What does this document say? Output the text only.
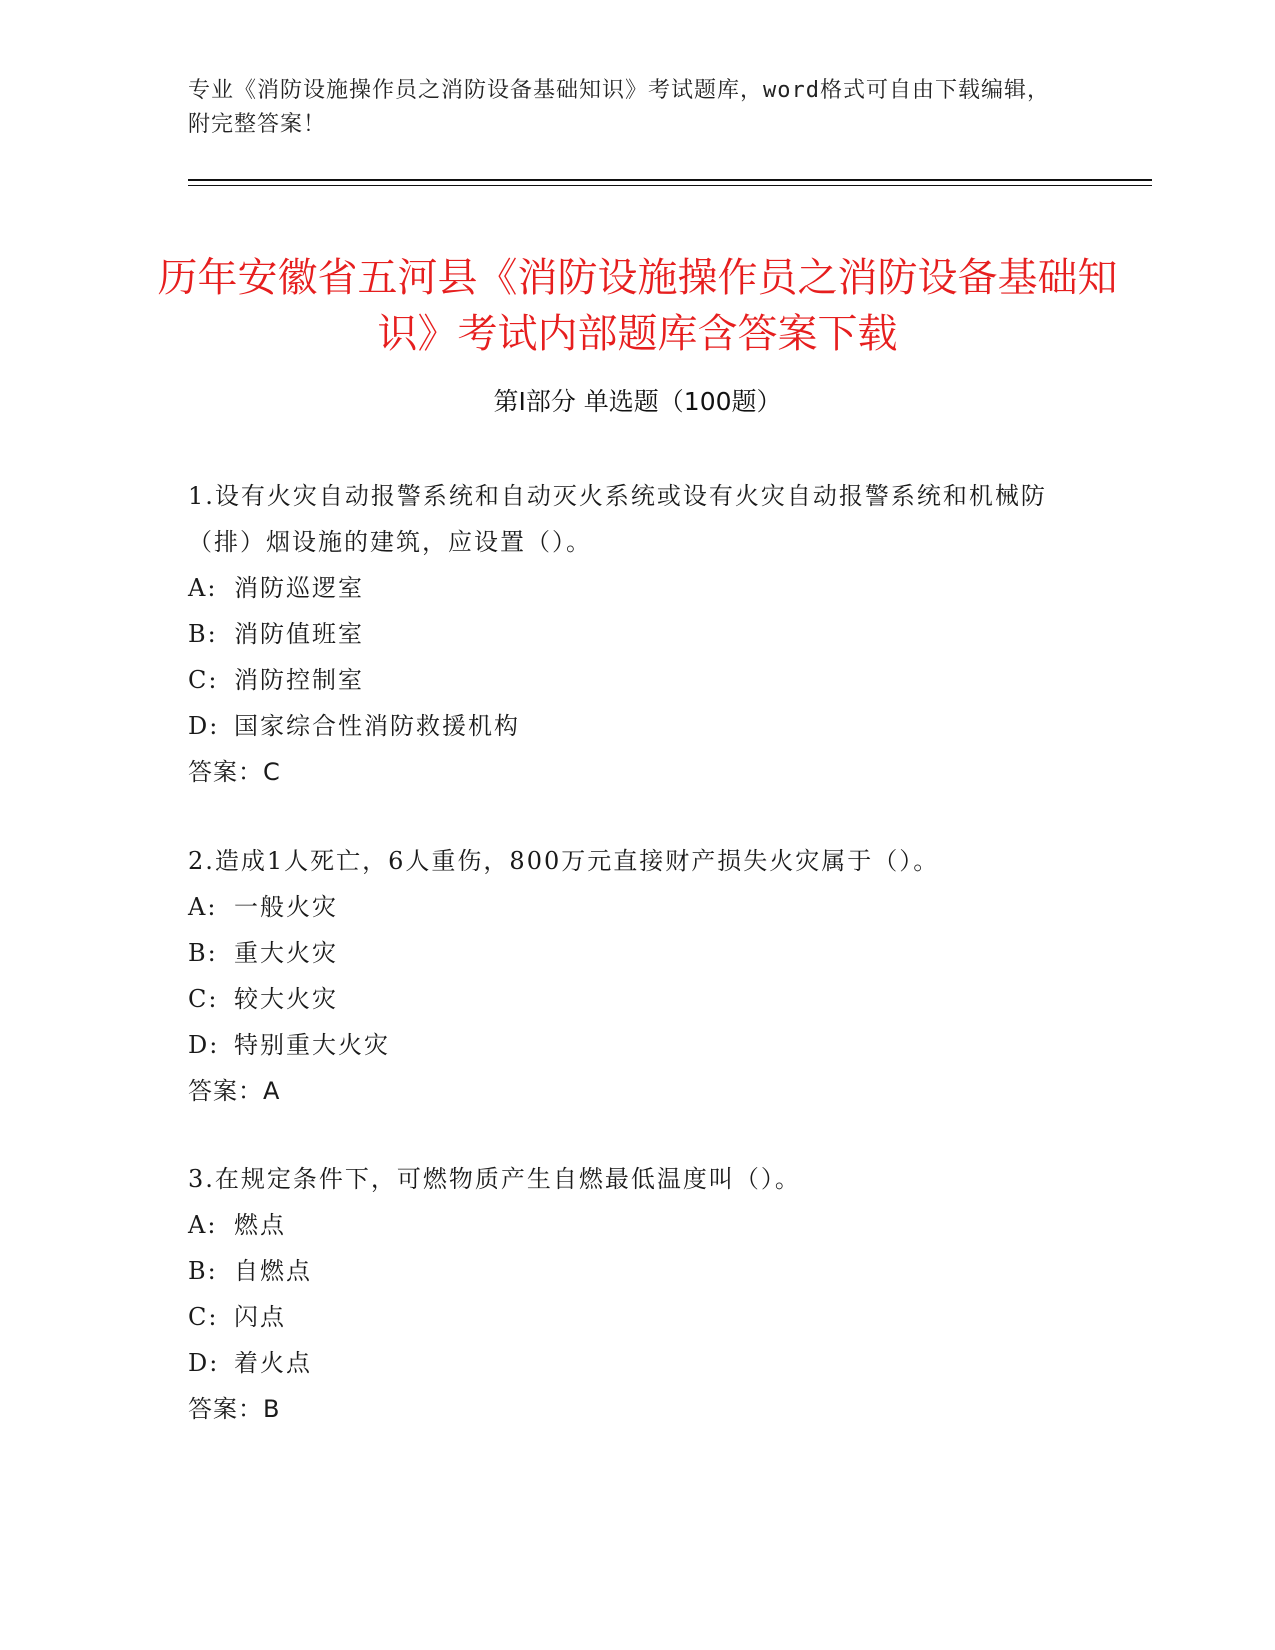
专业《消防设施操作员之消防设备基础知识》考试题库，word格式可自由下载编辑，附完整答案！
历年安徽省五河县《消防设施操作员之消防设备基础知识》考试内部题库含答案下载
第Ⅰ部分 单选题（100题）

1.设有火灾自动报警系统和自动灭火系统或设有火灾自动报警系统和机械防（排）烟设施的建筑，应设置（）。

A: 消防巡逻室

B: 消防值班室

C: 消防控制室

D: 国家综合性消防救援机构

答案：C

2.造成1人死亡，6人重伤，800万元直接财产损失火灾属于（）。

A: 一般火灾

B: 重大火灾

C: 较大火灾

D: 特别重大火灾

答案：A

3.在规定条件下，可燃物质产生自燃最低温度叫（）。

A: 燃点

B: 自燃点

C: 闪点

D: 着火点

答案：B
